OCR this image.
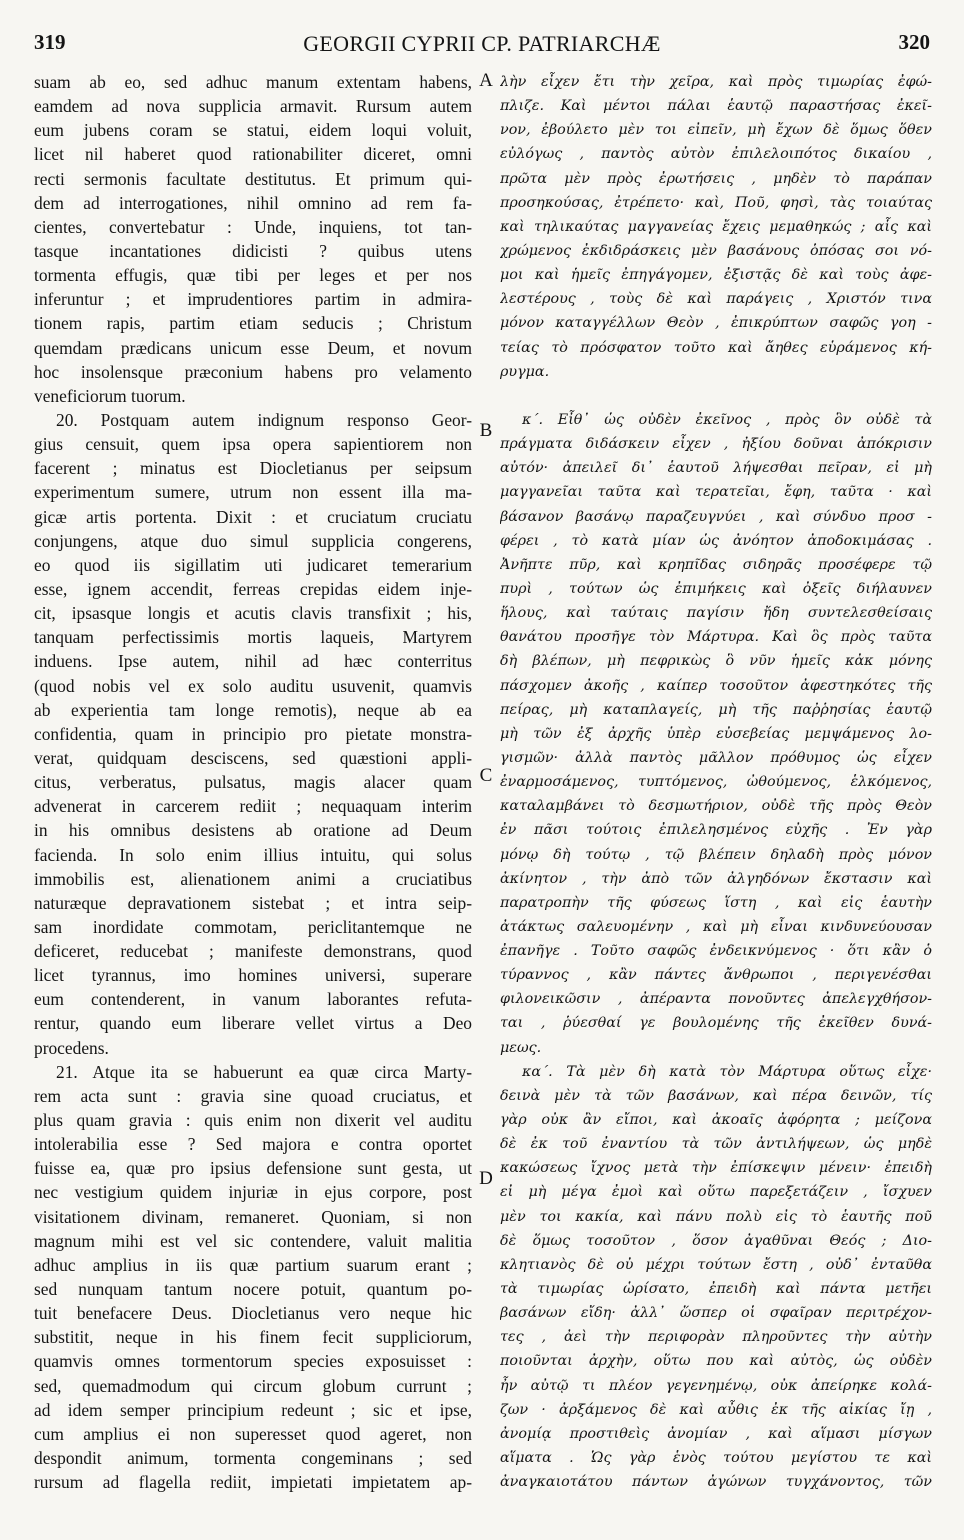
319	GEORGII CYPRII CP. PATRIARCHÆ	320
A
B
C
D
suam ab eo, sed adhuc manum extentam habens,
eamdem ad nova supplicia armavit. Rursum autem
eum jubens coram se statui, eidem loqui voluit,
licet nil haberet quod rationabiliter diceret, omni
recti sermonis facultate destitutus. Et primum qui-
dem ad interrogationes, nihil omnino ad rem fa-
cientes, convertebatur : Unde, inquiens, tot tan-
tasque incantationes didicisti ? quibus utens
tormenta effugis, quæ tibi per leges et per nos
inferuntur ; et imprudentiores partim in admira-
tionem rapis, partim etiam seducis ; Christum
quemdam prædicans unicum esse Deum, et novum
hoc insolensque præconium habens pro velamento
veneficiorum tuorum.
20. Postquam autem indignum responso Geor-
gius censuit, quem ipsa opera sapientiorem non
facerent ; minatus est Diocletianus per seipsum
experimentum sumere, utrum non essent illa ma-
gicæ artis portenta. Dixit : et cruciatum cruciatu
conjungens, atque duo simul supplicia congerens,
eo quod iis sigillatim uti judicaret temerarium
esse, ignem accendit, ferreas crepidas eidem inje-
cit, ipsasque longis et acutis clavis transfixit ; his,
tanquam perfectissimis mortis laqueis, Martyrem
induens. Ipse autem, nihil ad hæc conterritus
(quod nobis vel ex solo auditu usuvenit, quamvis
ab experientia tam longe remotis), neque ab ea
confidentia, quam in principio pro pietate monstra-
verat, quidquam desciscens, sed quæstioni appli-
citus, verberatus, pulsatus, magis alacer quam
advenerat in carcerem rediit ; nequaquam interim
in his omnibus desistens ab oratione ad Deum
facienda. In solo enim illius intuitu, qui solus
immobilis est, alienationem animi a cruciatibus
naturæque depravationem sistebat ; et intra seip-
sam inordidate commotam, periclitantemque ne
deficeret, reducebat ; manifeste demonstrans, quod
licet tyrannus, imo homines universi, superare
eum contenderent, in vanum laborantes refuta-
rentur, quando eum liberare vellet virtus a Deo
procedens.
21. Atque ita se habuerunt ea quæ circa Marty-
rem acta sunt : gravia sine quoad cruciatus, et
plus quam gravia : quis enim non dixerit vel auditu
intolerabilia esse ? Sed majora e contra oportet
fuisse ea, quæ pro ipsius defensione sunt gesta, ut
nec vestigium quidem injuriæ in ejus corpore, post
visitationem divinam, remaneret. Quoniam, si non
magnum mihi est vel sic contendere, valuit malitia
adhuc amplius in iis quæ partium suarum erant ;
sed nunquam tantum nocere potuit, quantum po-
tuit benefacere Deus. Diocletianus vero neque hic
substitit, neque in his finem fecit suppliciorum,
quamvis omnes tormentorum species exposuisset :
sed, quemadmodum qui circum globum currunt ;
ad idem semper principium redeunt ; sic et ipse,
cum amplius ei non superesset quod ageret, non
despondit animum, tormenta congeminans ; sed
rursum ad flagella rediit, impietati impietatem ap-
λὴν εἶχεν ἔτι τὴν χεῖρα, καὶ πρὸς τιμωρίας ἐφώ-
πλιζε. Καὶ μέντοι πάλαι ἑαυτῷ παραστήσας ἐκεῖ-
νον, ἐβούλετο μὲν τοι εἰπεῖν, μὴ ἔχων δὲ ὅμως ὅθεν
εὐλόγως , παντὸς αὐτὸν ἐπιλελοιπότος δικαίου ,
πρῶτα μὲν πρὸς ἐρωτήσεις , μηδὲν τὸ παράπαν
προσηκούσας, ἐτρέπετο· καὶ, Ποῦ, φησὶ, τὰς τοιαύτας
καὶ τηλικαύτας μαγγανείας ἔχεις μεμαθηκώς ; αἷς καὶ
χρώμενος ἐκδιδράσκεις μὲν βασάνους ὁπόσας σοι νό-
μοι καὶ ἡμεῖς ἐπηγάγομεν, ἐξιστᾷς δὲ καὶ τοὺς ἀφε-
λεστέρους , τοὺς δὲ καὶ παράγεις , Χριστόν τινα
μόνον καταγγέλλων Θεὸν , ἐπικρύπτων σαφῶς γοη -
τείας τὸ πρόσφατον τοῦτο καὶ ἄηθες εὑράμενος κή-
ρυγμα.
κ΄. Εἶθ᾽ ὡς οὐδὲν ἐκεῖνος , πρὸς ὃν οὐδὲ τὰ
πράγματα διδάσκειν εἶχεν , ἠξίου δοῦναι ἀπόκρισιν
αὐτόν· ἀπειλεῖ δι᾽ ἑαυτοῦ λήψεσθαι πεῖραν, εἰ μὴ
μαγγανεῖαι ταῦτα καὶ τερατεῖαι, ἔφη, ταῦτα · καὶ
βάσανον βασάνῳ παραζευγνύει , καὶ σύνδυο προσ -
φέρει , τὸ κατὰ μίαν ὡς ἀνόητον ἀποδοκιμάσας .
Ἀνῆπτε πῦρ, καὶ κρηπῖδας σιδηρᾶς προσέφερε τῷ
πυρὶ , τούτων ὡς ἐπιμήκεις καὶ ὀξεῖς διήλαυνεν
ἥλους, καὶ ταύταις παγίσιν ἤδη συντελεσθείσαις
θανάτου προσῆγε τὸν Μάρτυρα. Καὶ ὃς πρὸς ταῦτα
δὴ βλέπων, μὴ πεφρικὼς ὃ νῦν ἡμεῖς κἀκ μόνης
πάσχομεν ἀκοῆς , καίπερ τοσοῦτον ἀφεστηκότες τῆς
πείρας, μὴ καταπλαγείς, μὴ τῆς παῤῥησίας ἑαυτῷ
μὴ τῶν ἐξ ἀρχῆς ὑπὲρ εὐσεβείας μεμψάμενος λο-
γισμῶν· ἀλλὰ παντὸς μᾶλλον πρόθυμος ὡς εἶχεν
ἐναρμοσάμενος, τυπτόμενος, ὠθούμενος, ἑλκόμενος,
καταλαμβάνει τὸ δεσμωτήριον, οὐδὲ τῆς πρὸς Θεὸν
ἐν πᾶσι τούτοις ἐπιλελησμένος εὐχῆς . Ἐν γὰρ
μόνῳ δὴ τούτῳ , τῷ βλέπειν δηλαδὴ πρὸς μόνον
ἀκίνητον , τὴν ἀπὸ τῶν ἀλγηδόνων ἔκστασιν καὶ
παρατροπὴν τῆς φύσεως ἵστη , καὶ εἰς ἑαυτὴν
ἀτάκτως σαλευομένην , καὶ μὴ εἶναι κινδυνεύουσαν
ἐπανῆγε . Τοῦτο σαφῶς ἐνδεικνύμενος · ὅτι κἂν ὁ
τύραννος , κἂν πάντες ἄνθρωποι , περιγενέσθαι
φιλονεικῶσιν , ἀπέραντα πονοῦντες ἀπελεγχθήσον-
ται , ῥύεσθαί γε βουλομένης τῆς ἐκεῖθεν δυνά-
μεως.
κα΄. Τὰ μὲν δὴ κατὰ τὸν Μάρτυρα οὕτως εἶχε·
δεινὰ μὲν τὰ τῶν βασάνων, καὶ πέρα δεινῶν, τίς
γὰρ οὐκ ἂν εἴποι, καὶ ἀκοαῖς ἀφόρητα ; μείζονα
δὲ ἐκ τοῦ ἐναντίου τὰ τῶν ἀντιλήψεων, ὡς μηδὲ
κακώσεως ἴχνος μετὰ τὴν ἐπίσκεψιν μένειν· ἐπειδὴ
εἰ μὴ μέγα ἐμοὶ καὶ οὕτω παρεξετάζειν , ἴσχυεν
μὲν τοι κακία, καὶ πάνυ πολὺ εἰς τὸ ἑαυτῆς ποῦ
δὲ ὅμως τοσοῦτον , ὅσον ἀγαθῦναι Θεός ; Διο-
κλητιανὸς δὲ οὐ μέχρι τούτων ἔστη , οὐδ᾽ ἐνταῦθα
τὰ τιμωρίας ὡρίσατο, ἐπειδὴ καὶ πάντα μετῆει
βασάνων εἴδη· ἀλλ᾽ ὥσπερ οἱ σφαῖραν περιτρέχον-
τες , ἀεὶ τὴν περιφορὰν πληροῦντες τὴν αὐτὴν
ποιοῦνται ἀρχὴν, οὕτω που καὶ αὐτὸς, ὡς οὐδὲν
ἦν αὐτῷ τι πλέον γεγενημένῳ, οὐκ ἀπείρηκε κολά-
ζων · ἀρξάμενος δὲ καὶ αὖθις ἐκ τῆς αἰκίας ἴῃ ,
ἀνομίᾳ προστιθεὶς ἀνομίαν , καὶ αἵμασι μίσγων
αἵματα . Ὡς γὰρ ἑνὸς τούτου μεγίστου τε καὶ
ἀναγκαιοτάτου πάντων ἀγώνων τυγχάνοντος, τῶν
